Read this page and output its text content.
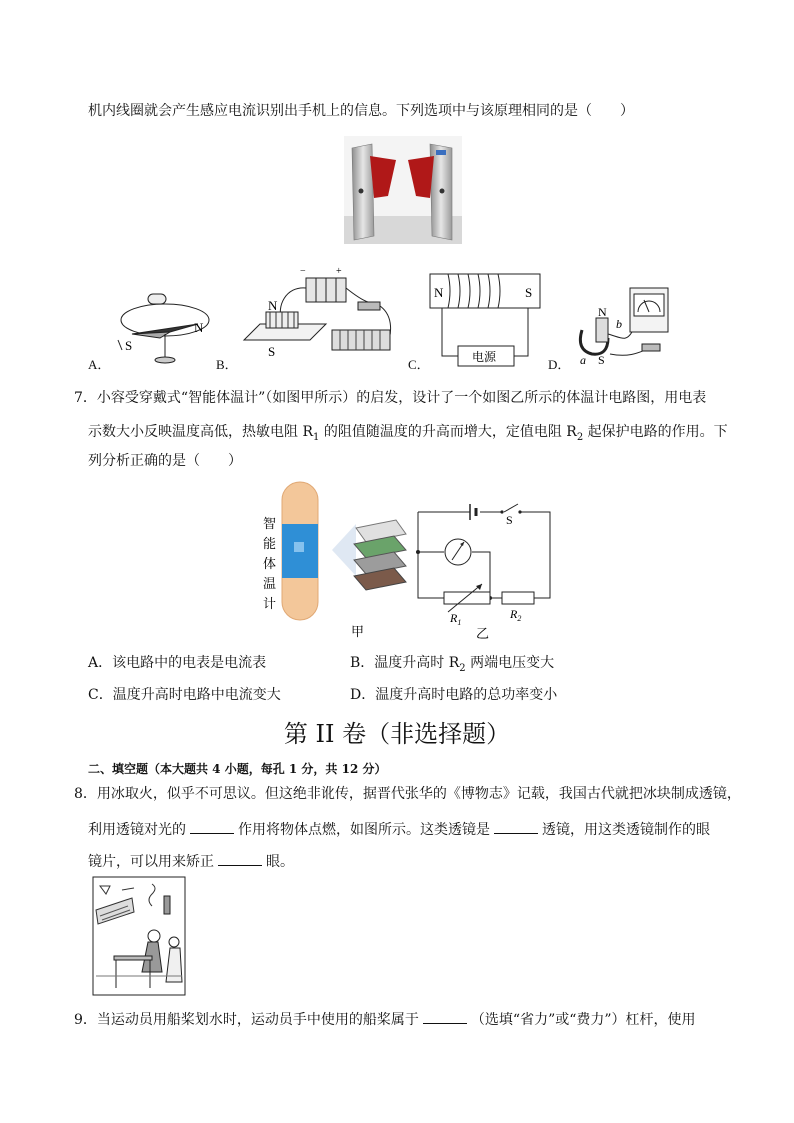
机内线圈就会产生感应电流识别出手机上的信息。下列选项中与该原理相同的是（　　）
A．
S
N
B．
−	+
N
S
C．
N	S
电源	D．
N
S
a
b
7．小容受穿戴式“智能体温计”（如图甲所示）的启发，设计了一个如图乙所示的体温计电路图，用电表
示数大小反映温度高低，热敏电阻 $R_1$ 的阻值随温度的升高而增大，定值电阻 $R_2$ 起保护电路的作用。下
列分析正确的是（　　）
智
能
体
温
计
甲
S
$R_1$
$R_2$
乙
A．该电路中的电表是电流表	B．温度升高时 $R_2$ 两端电压变大
C．温度升高时电路中电流变大	D．温度升高时电路的总功率变小
第 II 卷（非选择题）
二、填空题（本大题共 4 小题，每孔 1 分，共 12 分）
8．用冰取火，似乎不可思议。但这绝非讹传，据晋代张华的《博物志》记载，我国古代就把冰块制成透镜，
利用透镜对光的	作用将物体点燃，如图所示。这类透镜是	透镜，用这类透镜制作的眼
镜片，可以用来矫正	眼。
9．当运动员用船桨划水时，运动员手中使用的船桨属于	（选填“省力”或“费力”）杠杆，使用
